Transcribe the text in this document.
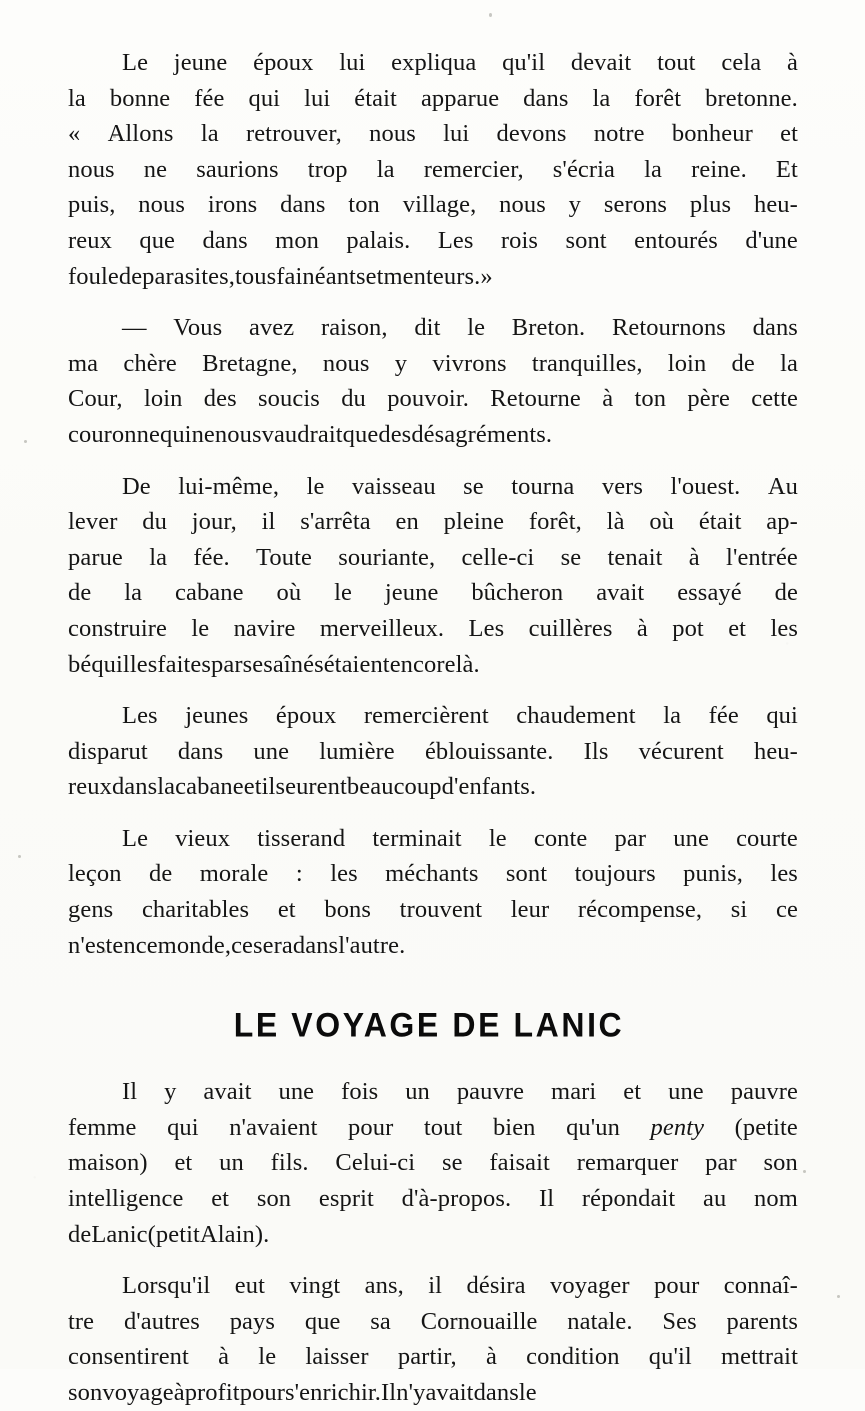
Le jeune époux lui expliqua qu'il devait tout cela à
la bonne fée qui lui était apparue dans la forêt bretonne.
« Allons la retrouver, nous lui devons notre bonheur et
nous ne saurions trop la remercier, s'écria la reine. Et
puis, nous irons dans ton village, nous y serons plus heu-
reux que dans mon palais. Les rois sont entourés d'une
foule de parasites, tous fainéants et menteurs. »

— Vous avez raison, dit le Breton. Retournons dans
ma chère Bretagne, nous y vivrons tranquilles, loin de la
Cour, loin des soucis du pouvoir. Retourne à ton père cette
couronne qui ne nous vaudrait que des désagréments.

De lui-même, le vaisseau se tourna vers l'ouest. Au
lever du jour, il s'arrêta en pleine forêt, là où était ap-
parue la fée. Toute souriante, celle-ci se tenait à l'entrée
de la cabane où le jeune bûcheron avait essayé de
construire le navire merveilleux. Les cuillères à pot et les
béquilles faites par ses aînés étaient encore là.

Les jeunes époux remercièrent chaudement la fée qui
disparut dans une lumière éblouissante. Ils vécurent heu-
reux dans la cabane et ils eurent beaucoup d'enfants.

Le vieux tisserand terminait le conte par une courte
leçon de morale : les méchants sont toujours punis, les
gens charitables et bons trouvent leur récompense, si ce
n'est en ce monde, ce sera dans l'autre.

LE VOYAGE DE LANIC

Il y avait une fois un pauvre mari et une pauvre
femme qui n'avaient pour tout bien qu'un penty (petite
maison) et un fils. Celui-ci se faisait remarquer par son
intelligence et son esprit d'à-propos. Il répondait au nom
de Lanic (petit Alain).

Lorsqu'il eut vingt ans, il désira voyager pour connaî-
tre d'autres pays que sa Cornouaille natale. Ses parents
consentirent à le laisser partir, à condition qu'il mettrait
son voyage à profit pour s'enrichir. Il n'y avait dans le
